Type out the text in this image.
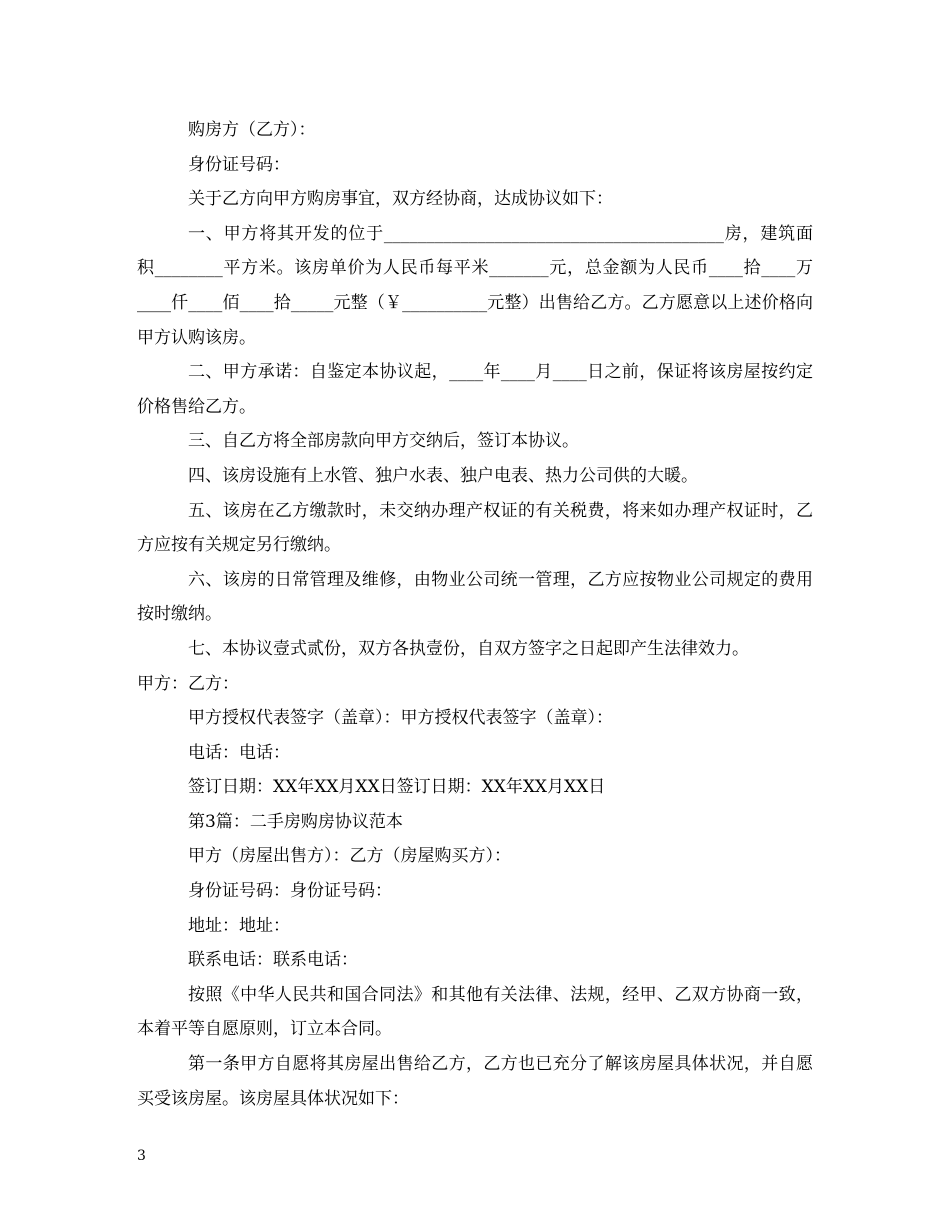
购房方（乙方）：

身份证号码：

关于乙方向甲方购房事宜，双方经协商，达成协议如下：

一、甲方将其开发的位于________________________________________房，建筑面积________平方米。该房单价为人民币每平米_______元，总金额为人民币____拾____万____仟____佰____拾_____元整（￥__________元整）出售给乙方。乙方愿意以上述价格向甲方认购该房。

二、甲方承诺：自鉴定本协议起，____年____月____日之前，保证将该房屋按约定价格售给乙方。

三、自乙方将全部房款向甲方交纳后，签订本协议。

四、该房设施有上水管、独户水表、独户电表、热力公司供的大暖。

五、该房在乙方缴款时，未交纳办理产权证的有关税费，将来如办理产权证时，乙方应按有关规定另行缴纳。

六、该房的日常管理及维修，由物业公司统一管理，乙方应按物业公司规定的费用按时缴纳。

七、本协议壹式贰份，双方各执壹份，自双方签字之日起即产生法律效力。

甲方：乙方：

甲方授权代表签字（盖章）：甲方授权代表签字（盖章）：

电话：电话：

签订日期：XX年XX月XX日签订日期：XX年XX月XX日

第3篇：二手房购房协议范本

甲方（房屋出售方）：乙方（房屋购买方）：

身份证号码：身份证号码：

地址：地址：

联系电话：联系电话：

按照《中华人民共和国合同法》和其他有关法律、法规，经甲、乙双方协商一致，本着平等自愿原则，订立本合同。

第一条甲方自愿将其房屋出售给乙方，乙方也已充分了解该房屋具体状况，并自愿买受该房屋。该房屋具体状况如下：

3
